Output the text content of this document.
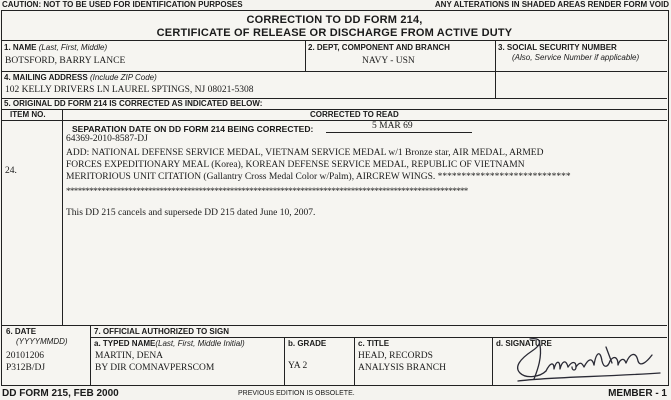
CAUTION: NOT TO BE USED FOR IDENTIFICATION PURPOSES	ANY ALTERATIONS IN SHADED AREAS RENDER FORM VOID
CORRECTION TO DD FORM 214,
CERTIFICATE OF RELEASE OR DISCHARGE FROM ACTIVE DUTY
1. NAME (Last, First, Middle)
BOTSFORD, BARRY LANCE
2. DEPT, COMPONENT AND BRANCH
NAVY - USN
3. SOCIAL SECURITY NUMBER
(Also, Service Number if applicable)
4. MAILING ADDRESS (Include ZIP Code)
102 KELLY DRIVERS LN LAUREL SPTINGS, NJ 08021-5308
5. ORIGINAL DD FORM 214 IS CORRECTED AS INDICATED BELOW:
ITEM NO.	CORRECTED TO READ
24.
SEPARATION DATE ON DD FORM 214 BEING CORRECTED:	5 MAR 69
64369-2010-8587-DJ
ADD: NATIONAL DEFENSE SERVICE MEDAL, VIETNAM SERVICE MEDAL w/1 Bronze star, AIR MEDAL, ARMED
FORCES EXPEDITIONARY MEAL (Korea), KOREAN DEFENSE SERVICE MEDAL, REPUBLIC OF VIETNAMN
MERITORIOUS UNIT CITATION (Gallantry Cross Medal Color w/Palm), AIRCREW WINGS. ****************************
*******************************************************************************************************
This DD 215 cancels and supersede DD 215 dated June 10, 2007.
6. DATE
(YYYYMMDD)
20101206
P312B/DJ
7. OFFICIAL AUTHORIZED TO SIGN
a. TYPED NAME(Last, First, Middle Initial)
MARTIN, DENA
BY DIR COMNAVPERSCOM
b. GRADE
YA 2
c. TITLE
HEAD, RECORDS
ANALYSIS BRANCH
d. SIGNATURE
DD FORM 215, FEB 2000	PREVIOUS EDITION IS OBSOLETE.	MEMBER - 1
